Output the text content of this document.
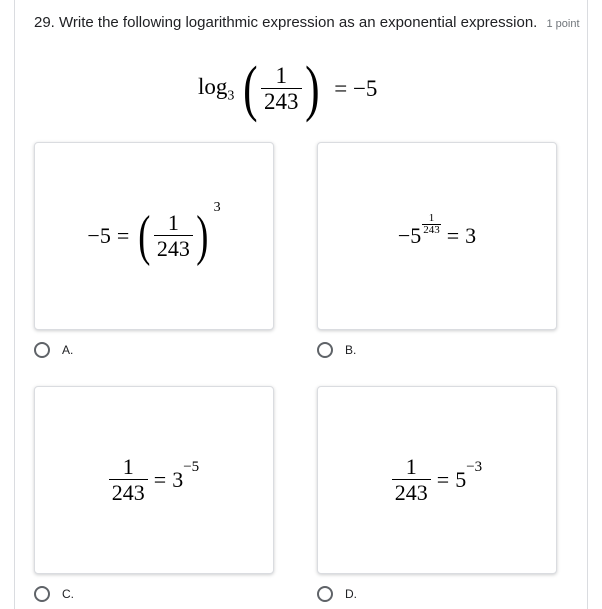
29. Write the following logarithmic expression as an exponential expression. 1 point
$\log_3$ ( $\frac{1}{243}$ ) = −5
−5 = ( $\frac{1}{243}$ ) 3
$-5 \frac{1}{243} = 3$
$\frac{1}{243} = 3 -5$	$\frac{1}{243} = 5 -3$
A.	B.
C.	D.
